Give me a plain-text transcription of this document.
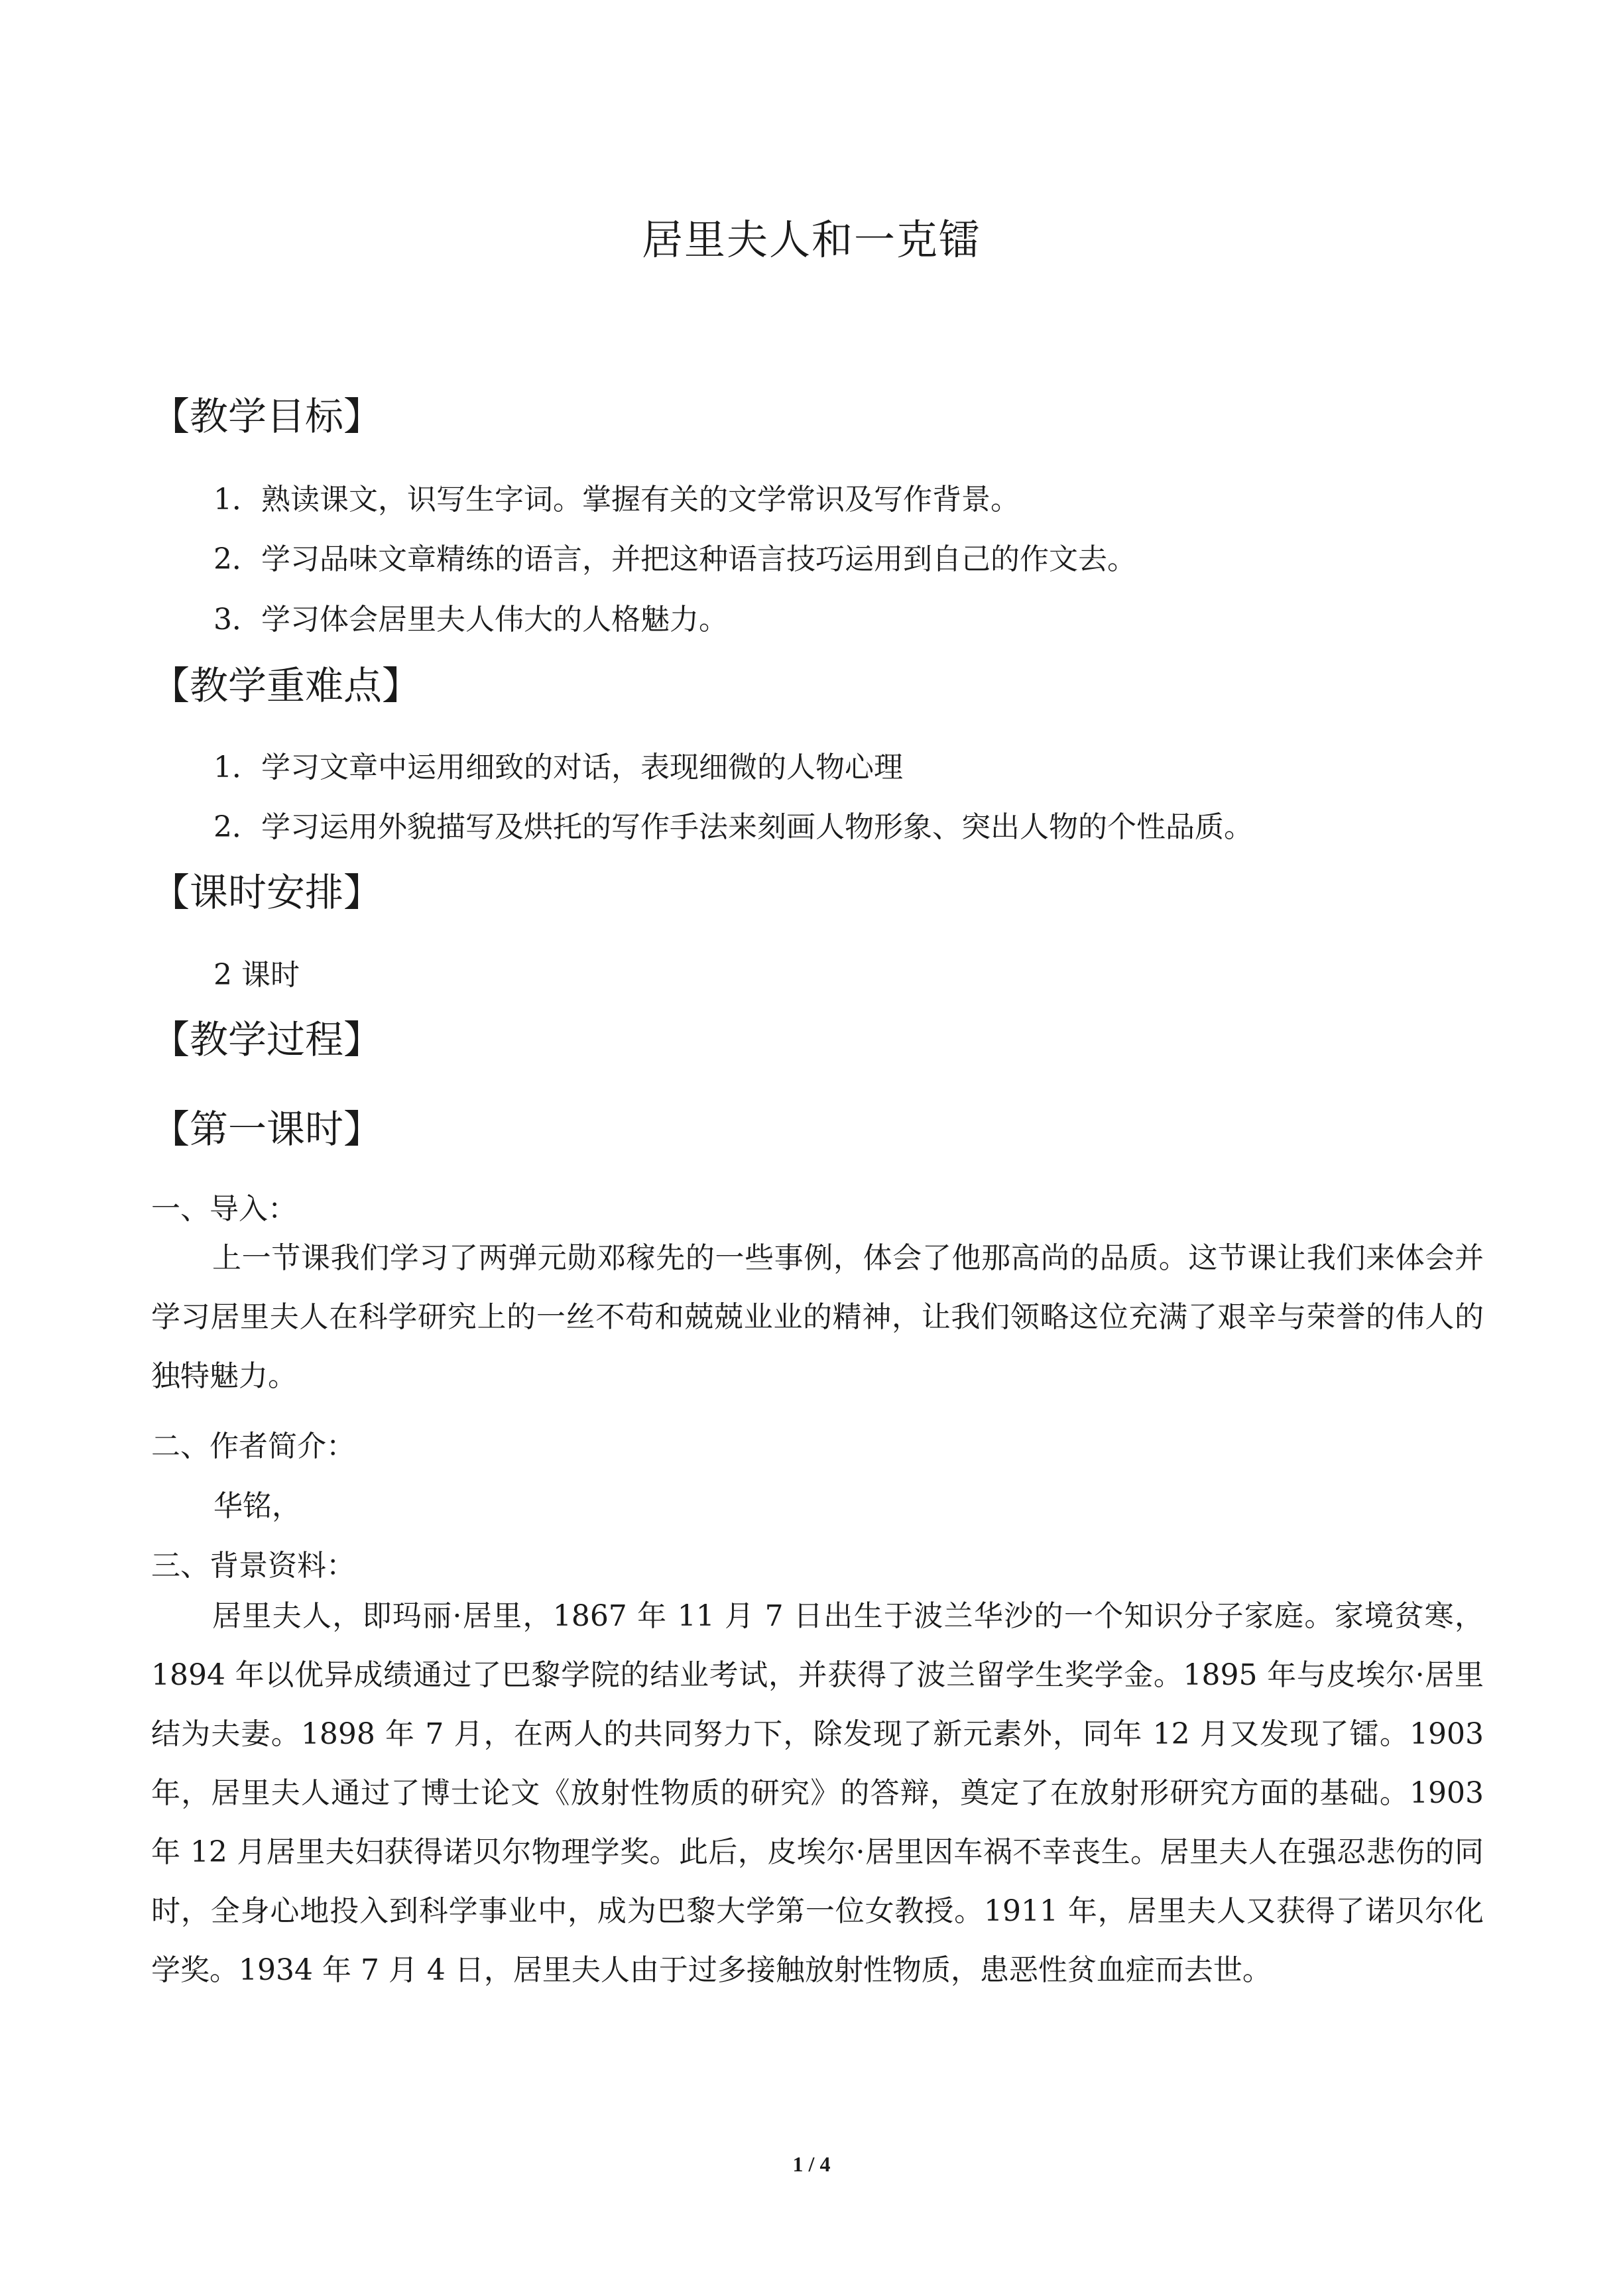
居里夫人和一克镭
【教学目标】
1．熟读课文，识写生字词。掌握有关的文学常识及写作背景。
2．学习品味文章精练的语言，并把这种语言技巧运用到自己的作文去。
3．学习体会居里夫人伟大的人格魅力。
【教学重难点】
1．学习文章中运用细致的对话，表现细微的人物心理
2．学习运用外貌描写及烘托的写作手法来刻画人物形象、突出人物的个性品质。
【课时安排】
2 课时
【教学过程】
【第一课时】
一、导入：

上一节课我们学习了两弹元勋邓稼先的一些事例，体会了他那高尚的品质。这节课让我们来体会并学习居里夫人在科学研究上的一丝不苟和兢兢业业的精神，让我们领略这位充满了艰辛与荣誉的伟人的独特魅力。

二、作者简介：
华铭，
三、背景资料：

居里夫人，即玛丽·居里，1867 年 11 月 7 日出生于波兰华沙的一个知识分子家庭。家境贫寒，1894 年以优异成绩通过了巴黎学院的结业考试，并获得了波兰留学生奖学金。1895 年与皮埃尔·居里结为夫妻。1898 年 7 月，在两人的共同努力下，除发现了新元素外，同年 12 月又发现了镭。1903 年，居里夫人通过了博士论文《放射性物质的研究》的答辩，奠定了在放射形研究方面的基础。1903 年 12 月居里夫妇获得诺贝尔物理学奖。此后，皮埃尔·居里因车祸不幸丧生。居里夫人在强忍悲伤的同时，全身心地投入到科学事业中，成为巴黎大学第一位女教授。1911 年，居里夫人又获得了诺贝尔化学奖。1934 年 7 月 4 日，居里夫人由于过多接触放射性物质，患恶性贫血症而去世。

1 / 4
